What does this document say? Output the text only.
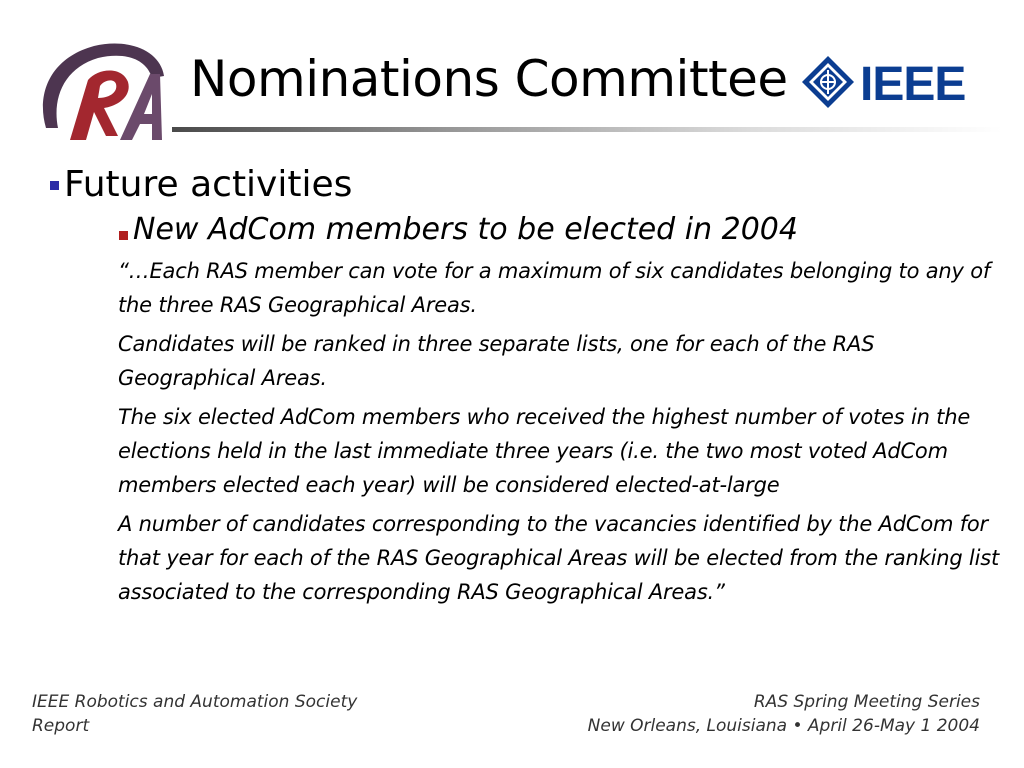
Nominations Committee IEEE
Future activities
New AdCom members to be elected in 2004

“…Each RAS member can vote for a maximum of six candidates belonging to any of the three RAS Geographical Areas.

Candidates will be ranked in three separate lists, one for each of the RAS Geographical Areas.

The six elected AdCom members who received the highest number of votes in the elections held in the last immediate three years (i.e. the two most voted AdCom members elected each year) will be considered elected-at-large

A number of candidates corresponding to the vacancies identified by the AdCom for that year for each of the RAS Geographical Areas will be elected from the ranking list associated to the corresponding RAS Geographical Areas.”

IEEE Robotics and Automation Society
Report
RAS Spring Meeting Series
New Orleans, Louisiana • April 26-May 1 2004
